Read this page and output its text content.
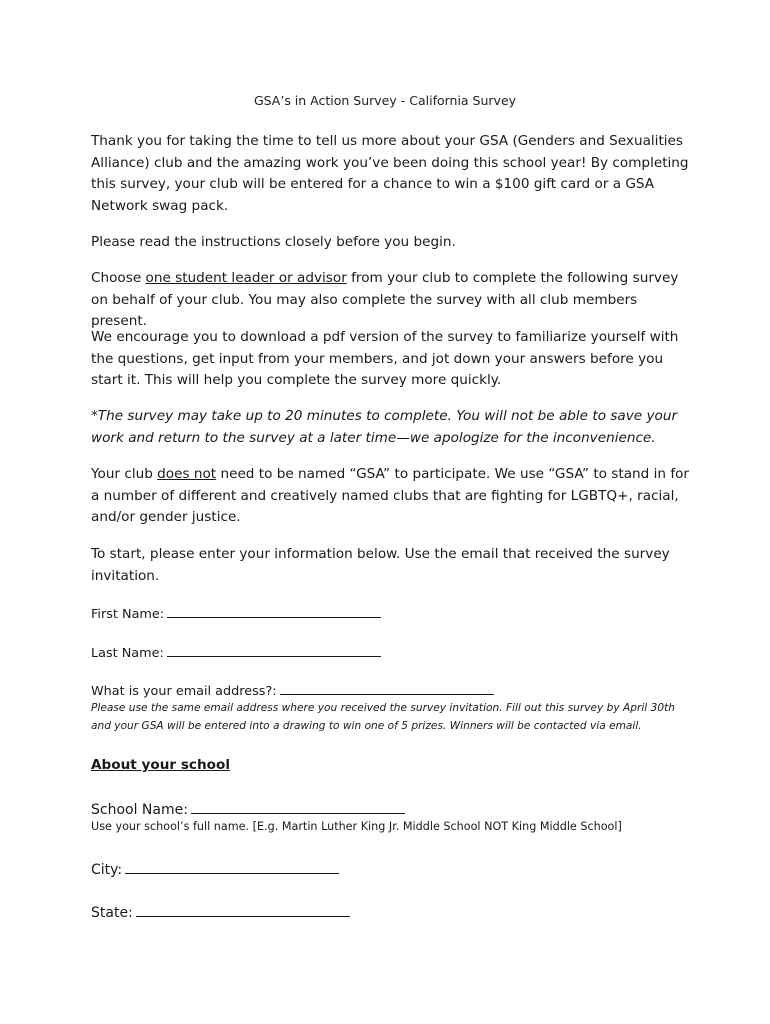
GSA’s in Action Survey - California Survey

Thank you for taking the time to tell us more about your GSA (Genders and Sexualities Alliance) club and the amazing work you’ve been doing this school year! By completing this survey, your club will be entered for a chance to win a $100 gift card or a GSA Network swag pack.

Please read the instructions closely before you begin.

Choose one student leader or advisor from your club to complete the following survey on behalf of your club. You may also complete the survey with all club members present.

We encourage you to download a pdf version of the survey to familiarize yourself with the questions, get input from your members, and jot down your answers before you start it. This will help you complete the survey more quickly.

*The survey may take up to 20 minutes to complete. You will not be able to save your work and return to the survey at a later time—we apologize for the inconvenience.

Your club does not need to be named “GSA” to participate. We use “GSA” to stand in for a number of different and creatively named clubs that are fighting for LGBTQ+, racial, and/or gender justice.

To start, please enter your information below. Use the email that received the survey invitation.

First Name:
Last Name:
What is your email address?:
Please use the same email address where you received the survey invitation. Fill out this survey by April 30th and your GSA will be entered into a drawing to win one of 5 prizes. Winners will be contacted via email.
About your school
School Name:
Use your school’s full name. [E.g. Martin Luther King Jr. Middle School NOT King Middle School]
City:
State:
